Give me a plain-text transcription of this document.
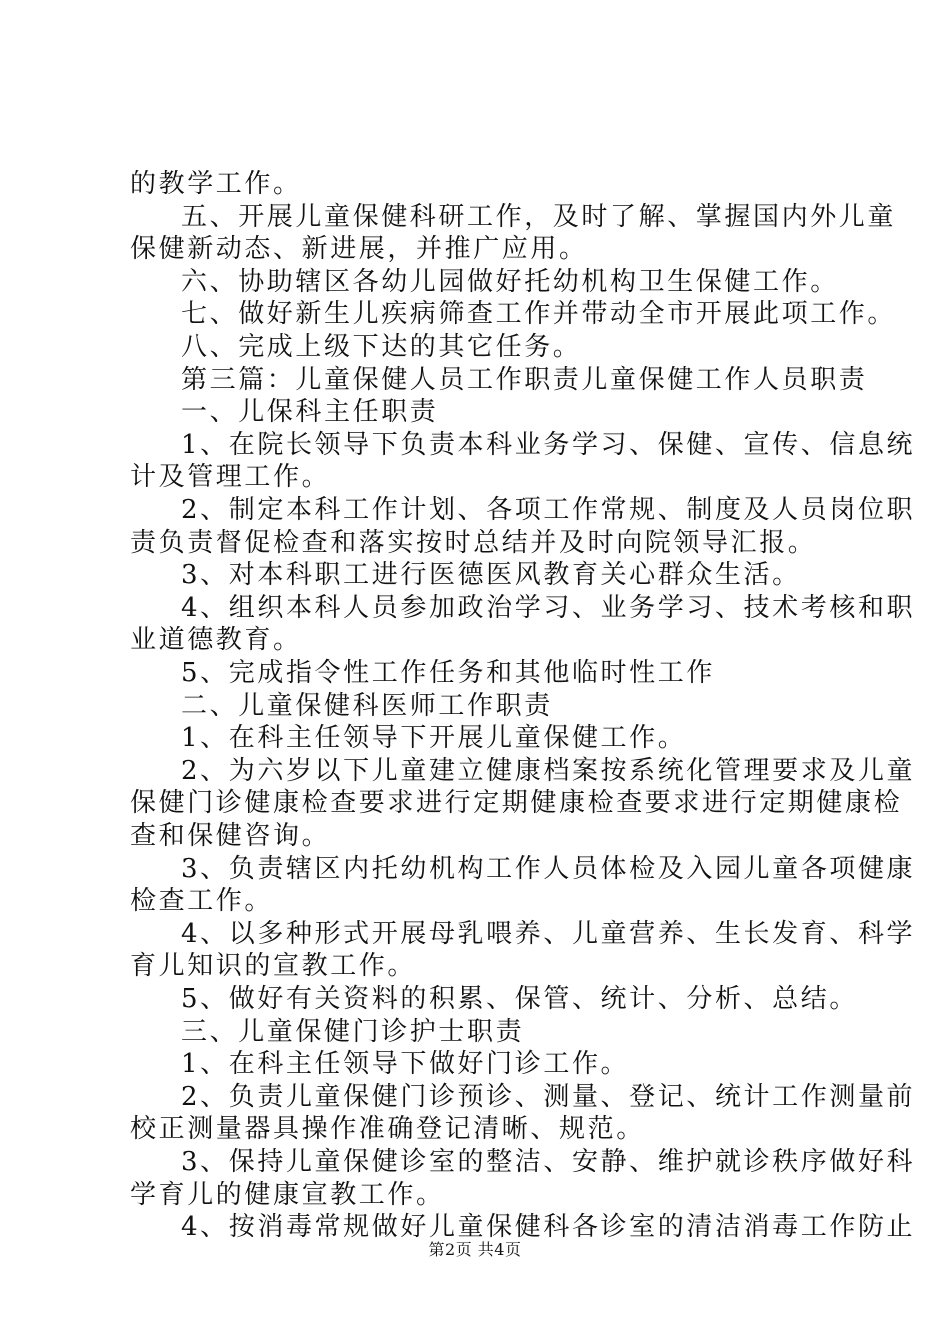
的教学工作。
五、开展儿童保健科研工作，及时了解、掌握国内外儿童
保健新动态、新进展，并推广应用。
六、协助辖区各幼儿园做好托幼机构卫生保健工作。
七、做好新生儿疾病筛查工作并带动全市开展此项工作。
八、完成上级下达的其它任务。
第三篇：儿童保健人员工作职责儿童保健工作人员职责
一、儿保科主任职责
1、在院长领导下负责本科业务学习、保健、宣传、信息统
计及管理工作。
2、制定本科工作计划、各项工作常规、制度及人员岗位职
责负责督促检查和落实按时总结并及时向院领导汇报。
3、对本科职工进行医德医风教育关心群众生活。
4、组织本科人员参加政治学习、业务学习、技术考核和职
业道德教育。
5、完成指令性工作任务和其他临时性工作
二、儿童保健科医师工作职责
1、在科主任领导下开展儿童保健工作。
2、为六岁以下儿童建立健康档案按系统化管理要求及儿童
保健门诊健康检查要求进行定期健康检查要求进行定期健康检
查和保健咨询。
3、负责辖区内托幼机构工作人员体检及入园儿童各项健康
检查工作。
4、以多种形式开展母乳喂养、儿童营养、生长发育、科学
育儿知识的宣教工作。
5、做好有关资料的积累、保管、统计、分析、总结。
三、儿童保健门诊护士职责
1、在科主任领导下做好门诊工作。
2、负责儿童保健门诊预诊、测量、登记、统计工作测量前
校正测量器具操作准确登记清晰、规范。
3、保持儿童保健诊室的整洁、安静、维护就诊秩序做好科
学育儿的健康宣教工作。
4、按消毒常规做好儿童保健科各诊室的清洁消毒工作防止
第2页 共4页
